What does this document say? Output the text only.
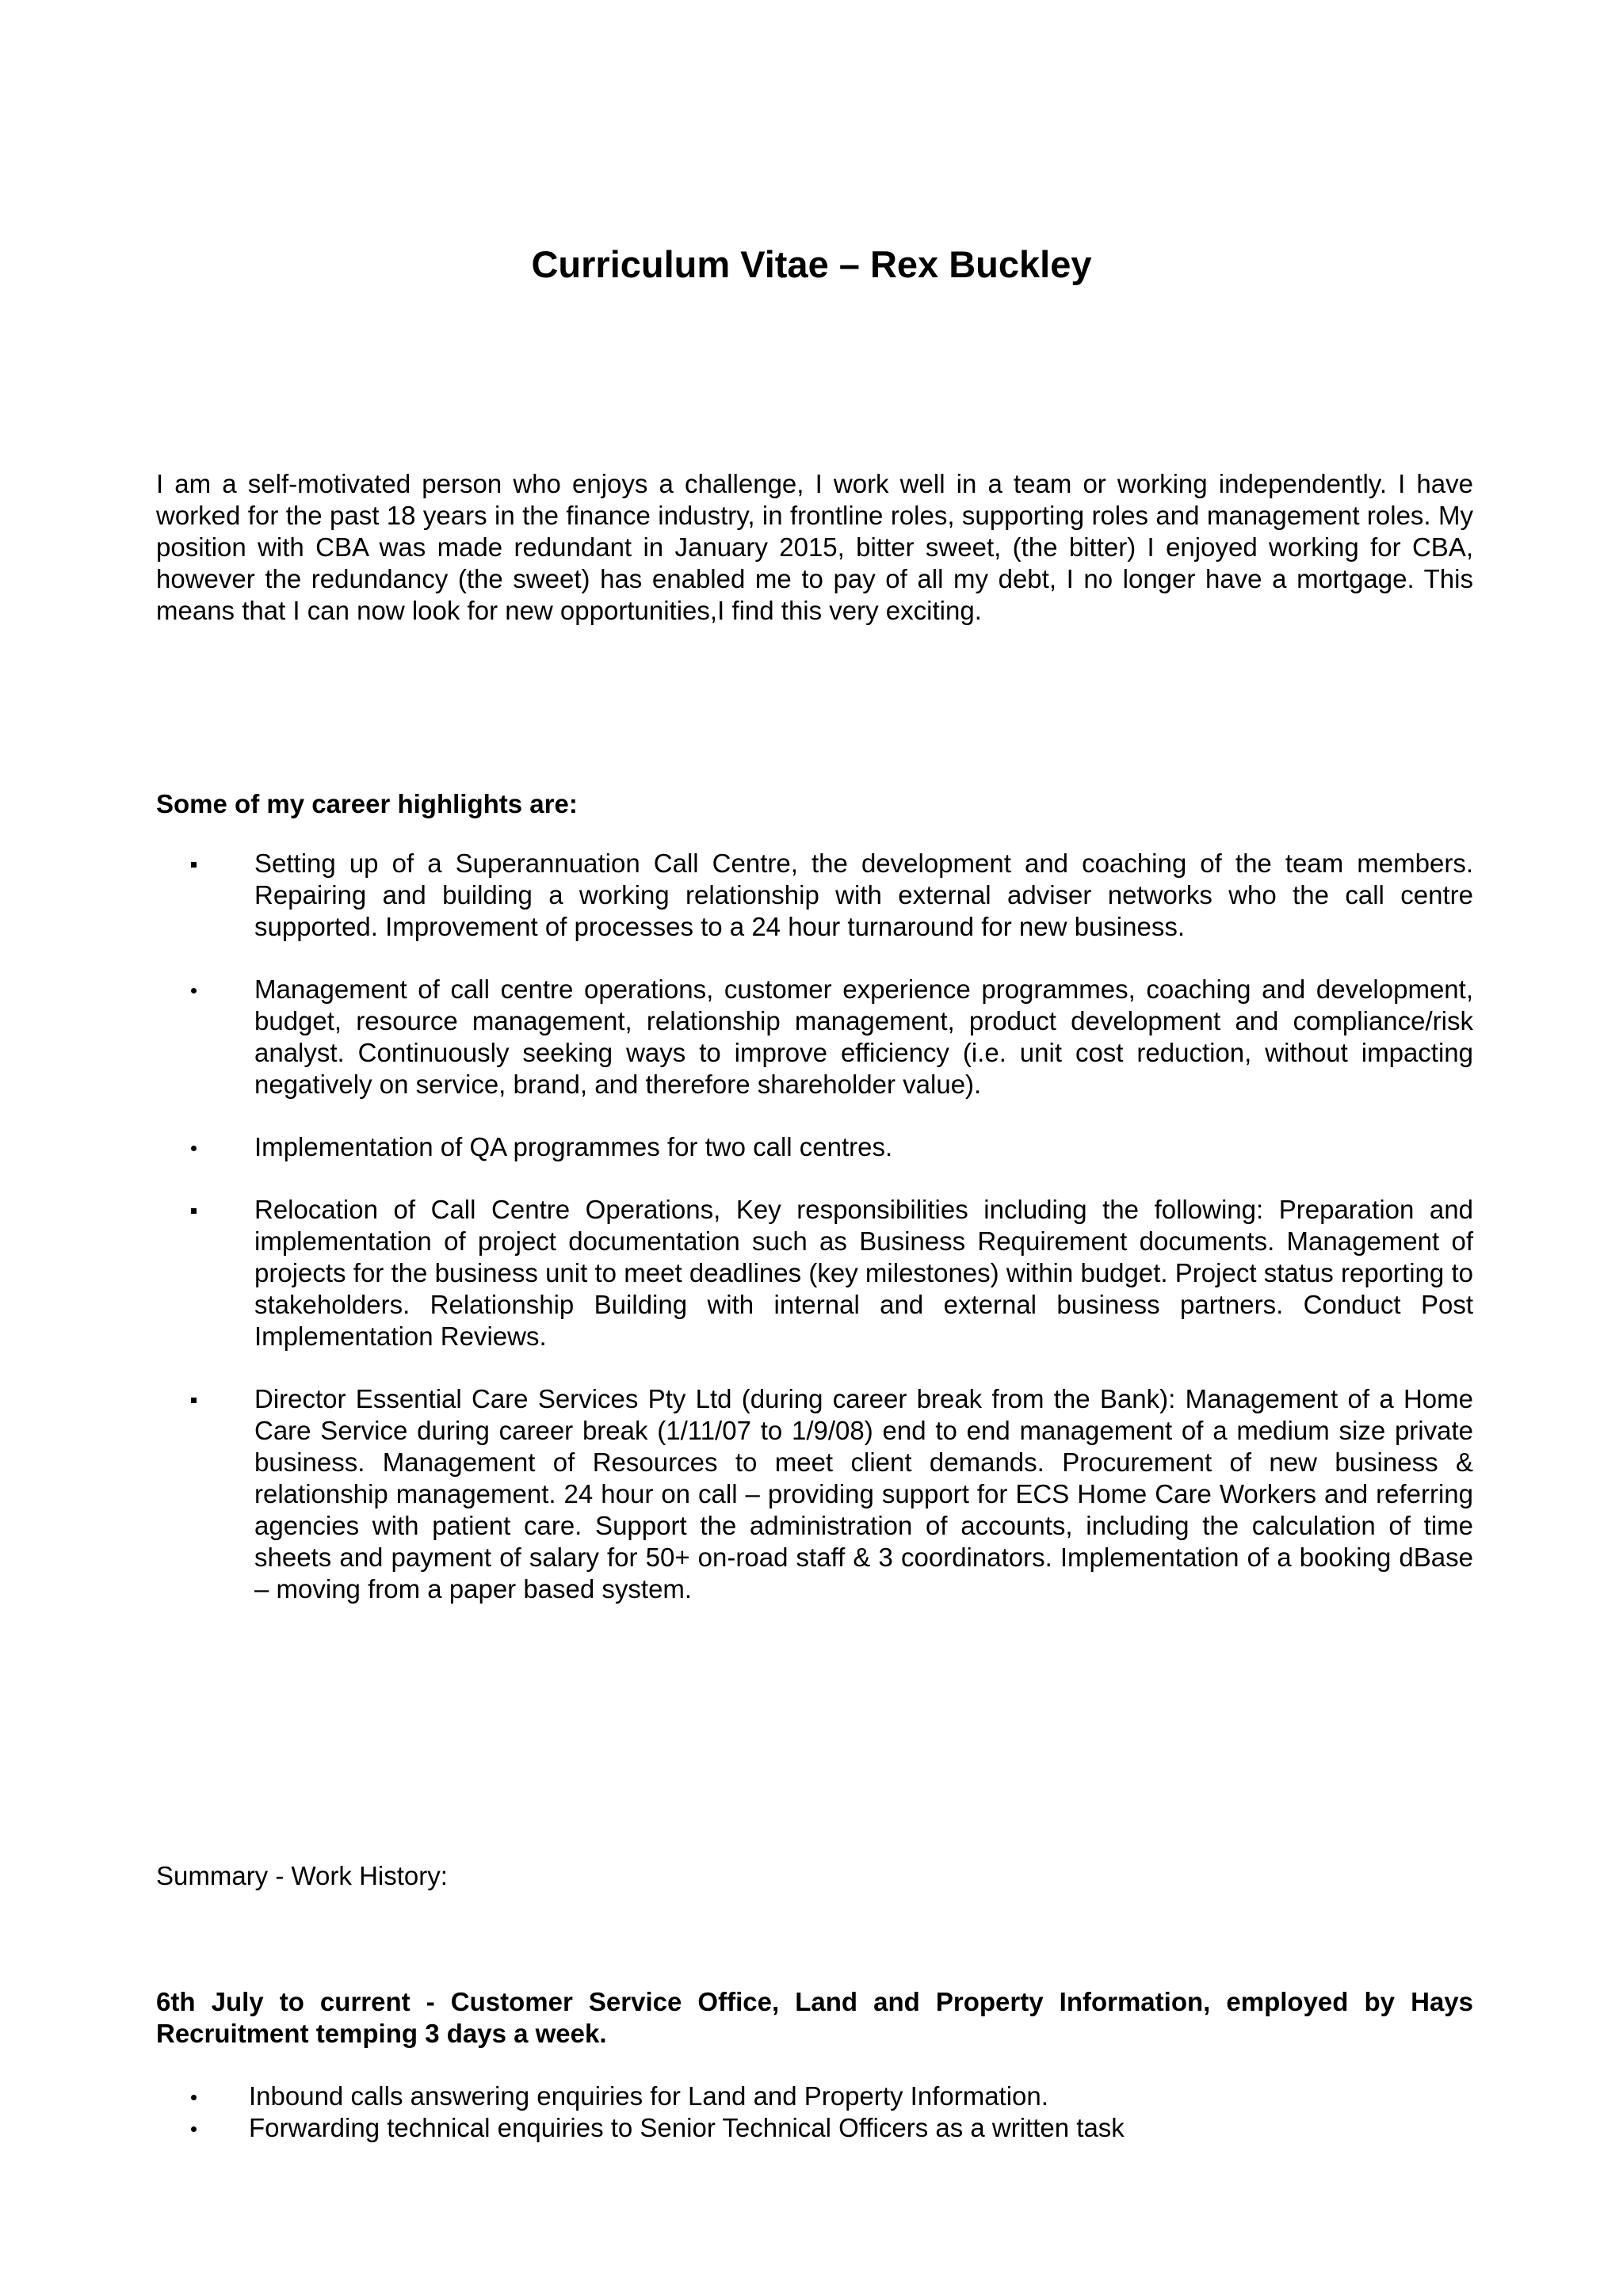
Curriculum Vitae – Rex Buckley

I am a self-motivated person who enjoys a challenge, I work well in a team or working independently. I have worked for the past 18 years in the finance industry, in frontline roles, supporting roles and management roles. My position with CBA was made redundant in January 2015, bitter sweet, (the bitter) I enjoyed working for CBA, however the redundancy (the sweet) has enabled me to pay of all my debt, I no longer have a mortgage. This means that I can now look for new opportunities,I find this very exciting.

Some of my career highlights are:

Setting up of a Superannuation Call Centre, the development and coaching of the team members. Repairing and building a working relationship with external adviser networks who the call centre supported. Improvement of processes to a 24 hour turnaround for new business.
Management of call centre operations, customer experience programmes, coaching and development, budget, resource management, relationship management, product development and compliance/risk analyst. Continuously seeking ways to improve efficiency (i.e. unit cost reduction, without impacting negatively on service, brand, and therefore shareholder value).
Implementation of QA programmes for two call centres.
Relocation of Call Centre Operations, Key responsibilities including the following: Preparation and implementation of project documentation such as Business Requirement documents. Management of projects for the business unit to meet deadlines (key milestones) within budget. Project status reporting to stakeholders. Relationship Building with internal and external business partners. Conduct Post Implementation Reviews.
Director Essential Care Services Pty Ltd (during career break from the Bank): Management of a Home Care Service during career break (1/11/07 to 1/9/08) end to end management of a medium size private business. Management of Resources to meet client demands. Procurement of new business & relationship management. 24 hour on call – providing support for ECS Home Care Workers and referring agencies with patient care. Support the administration of accounts, including the calculation of time sheets and payment of salary for 50+ on-road staff & 3 coordinators. Implementation of a booking dBase – moving from a paper based system.

Summary - Work History:

6th July to current - Customer Service Office, Land and Property Information, employed by Hays Recruitment temping 3 days a week.

Inbound calls answering enquiries for Land and Property Information.
Forwarding technical enquiries to Senior Technical Officers as a written task
